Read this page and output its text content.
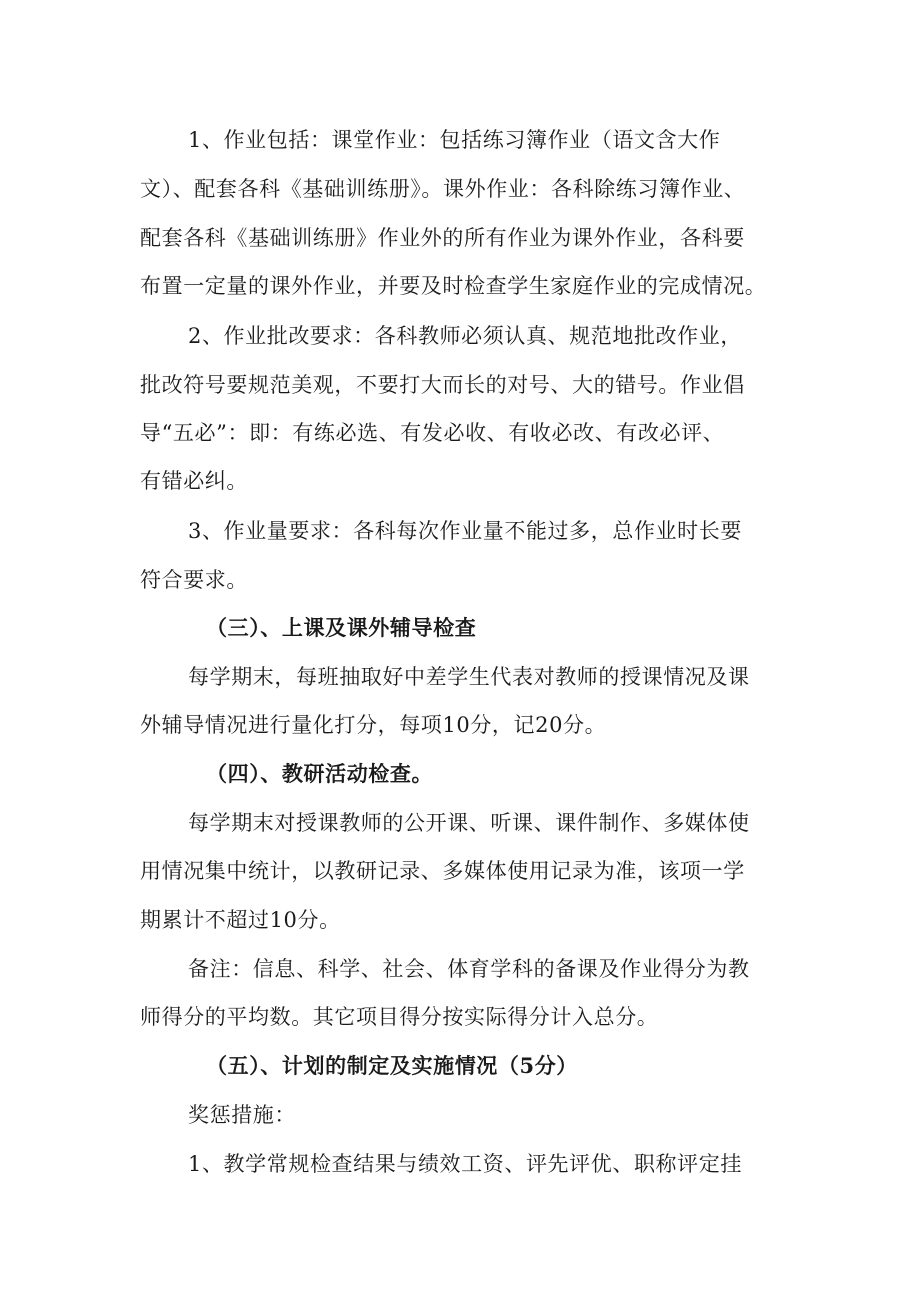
1、作业包括：课堂作业：包括练习簿作业（语文含大作
文）、配套各科《基础训练册》。课外作业：各科除练习簿作业、
配套各科《基础训练册》作业外的所有作业为课外作业，各科要
布置一定量的课外作业，并要及时检查学生家庭作业的完成情况。
2、作业批改要求：各科教师必须认真、规范地批改作业，
批改符号要规范美观，不要打大而长的对号、大的错号。作业倡
导“五必”：即：有练必选、有发必收、有收必改、有改必评、
有错必纠。
3、作业量要求：各科每次作业量不能过多，总作业时长要
符合要求。
（三）、上课及课外辅导检查
每学期末，每班抽取好中差学生代表对教师的授课情况及课
外辅导情况进行量化打分，每项10分，记20分。
（四）、教研活动检查。
每学期末对授课教师的公开课、听课、课件制作、多媒体使
用情况集中统计，以教研记录、多媒体使用记录为准，该项一学
期累计不超过10分。
备注：信息、科学、社会、体育学科的备课及作业得分为教
师得分的平均数。其它项目得分按实际得分计入总分。
（五）、计划的制定及实施情况（5分）
奖惩措施：
1、教学常规检查结果与绩效工资、评先评优、职称评定挂
